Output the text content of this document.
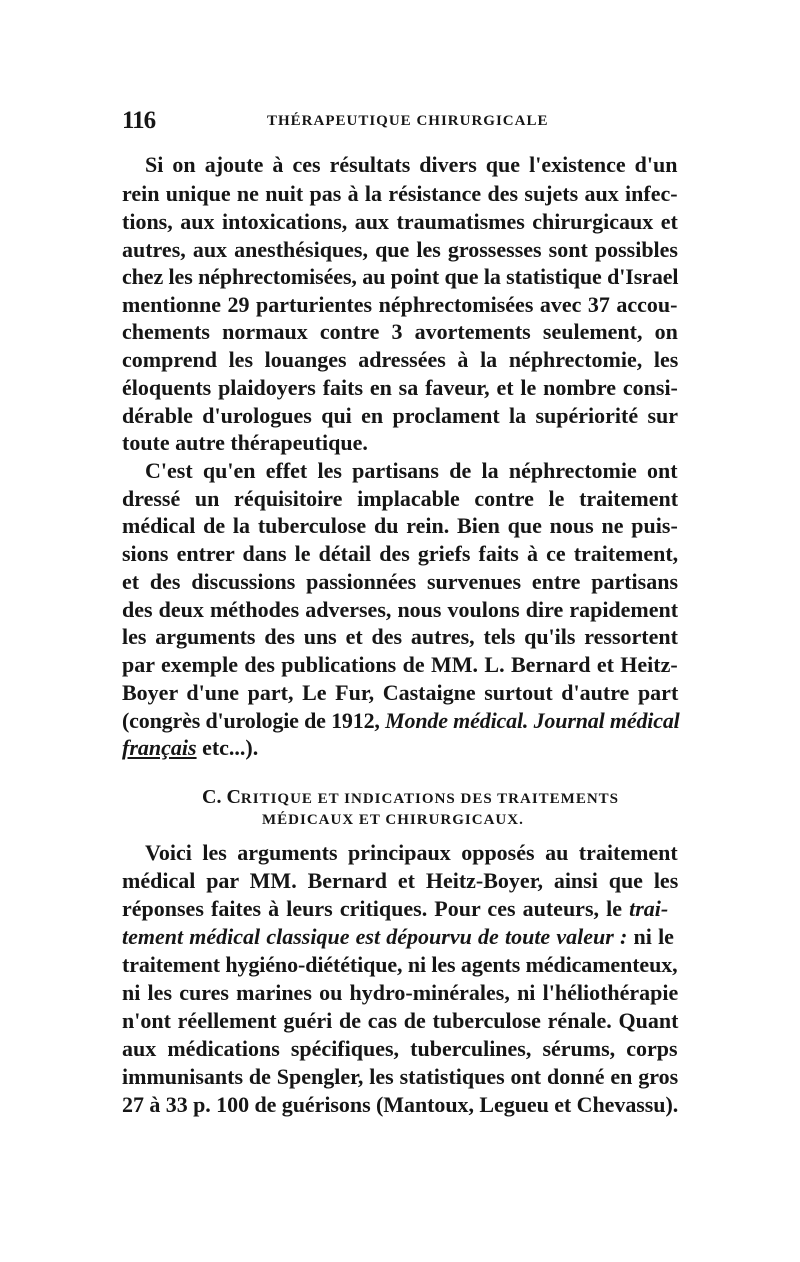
116	THÉRAPEUTIQUE CHIRURGICALE
Si on ajoute à ces résultats divers que l'existence d'un
rein unique ne nuit pas à la résistance des sujets aux infec-
tions, aux intoxications, aux traumatismes chirurgicaux et
autres, aux anesthésiques, que les grossesses sont possibles
chez les néphrectomisées, au point que la statistique d'Israel
mentionne 29 parturientes néphrectomisées avec 37 accou-
chements normaux contre 3 avortements seulement, on
comprend les louanges adressées à la néphrectomie, les
éloquents plaidoyers faits en sa faveur, et le nombre consi-
dérable d'urologues qui en proclament la supériorité sur
toute autre thérapeutique.
C'est qu'en effet les partisans de la néphrectomie ont
dressé un réquisitoire implacable contre le traitement
médical de la tuberculose du rein. Bien que nous ne puis-
sions entrer dans le détail des griefs faits à ce traitement,
et des discussions passionnées survenues entre partisans
des deux méthodes adverses, nous voulons dire rapidement
les arguments des uns et des autres, tels qu'ils ressortent
par exemple des publications de MM. L. Bernard et Heitz-
Boyer d'une part, Le Fur, Castaigne surtout d'autre part
(congrès d'urologie de 1912, Monde médical. Journal médical
français etc...).
C. CRITIQUE ET INDICATIONS DES TRAITEMENTS
MÉDICAUX ET CHIRURGICAUX.
Voici les arguments principaux opposés au traitement
médical par MM. Bernard et Heitz-Boyer, ainsi que les
réponses faites à leurs critiques. Pour ces auteurs, le trai-
tement médical classique est dépourvu de toute valeur : ni le
traitement hygiéno-diététique, ni les agents médicamenteux,
ni les cures marines ou hydro-minérales, ni l'héliothérapie
n'ont réellement guéri de cas de tuberculose rénale. Quant
aux médications spécifiques, tuberculines, sérums, corps
immunisants de Spengler, les statistiques ont donné en gros
27 à 33 p. 100 de guérisons (Mantoux, Legueu et Chevassu).
